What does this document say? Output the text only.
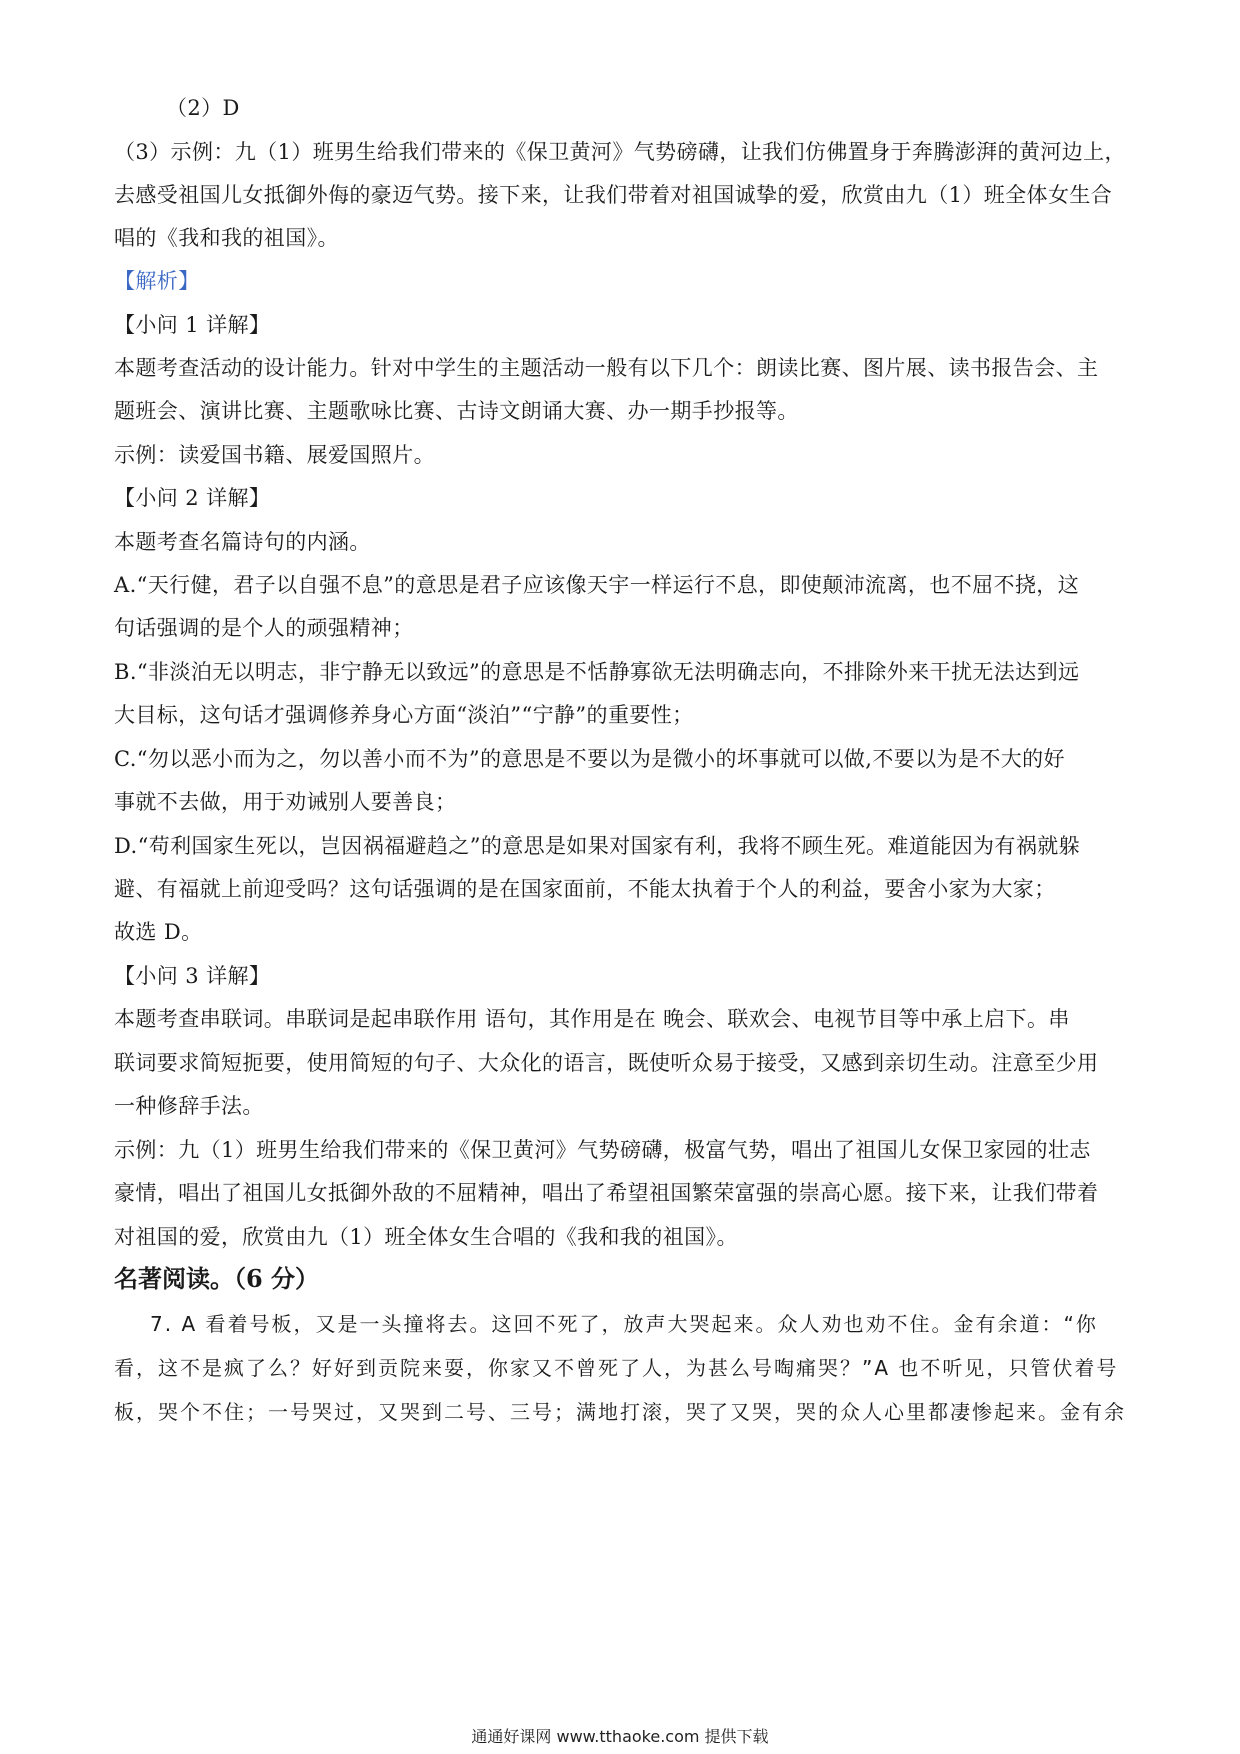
（2）D
（3）示例：九（1）班男生给我们带来的《保卫黄河》气势磅礴，让我们仿佛置身于奔腾澎湃的黄河边上，
去感受祖国儿女抵御外侮的豪迈气势。接下来，让我们带着对祖国诚挚的爱，欣赏由九（1）班全体女生合
唱的《我和我的祖国》。
【解析】
【小问 1 详解】
本题考查活动的设计能力。针对中学生的主题活动一般有以下几个：朗读比赛、图片展、读书报告会、主
题班会、演讲比赛、主题歌咏比赛、古诗文朗诵大赛、办一期手抄报等。
示例：读爱国书籍、展爱国照片。
【小问 2 详解】
本题考查名篇诗句的内涵。
A.“天行健，君子以自强不息”的意思是君子应该像天宇一样运行不息，即使颠沛流离，也不屈不挠，这
句话强调的是个人的顽强精神；
B.“非淡泊无以明志，非宁静无以致远”的意思是不恬静寡欲无法明确志向，不排除外来干扰无法达到远
大目标，这句话才强调修养身心方面“淡泊”“宁静”的重要性；
C.“勿以恶小而为之，勿以善小而不为”的意思是不要以为是微小的坏事就可以做,不要以为是不大的好
事就不去做，用于劝诫别人要善良；
D.“苟利国家生死以，岂因祸福避趋之”的意思是如果对国家有利，我将不顾生死。难道能因为有祸就躲
避、有福就上前迎受吗？这句话强调的是在国家面前，不能太执着于个人的利益，要舍小家为大家；
故选 D。
【小问 3 详解】
本题考查串联词。串联词是起串联作用 语句，其作用是在 晚会、联欢会、电视节目等中承上启下。串
联词要求简短扼要，使用简短的句子、大众化的语言，既使听众易于接受，又感到亲切生动。注意至少用
一种修辞手法。
示例：九（1）班男生给我们带来的《保卫黄河》气势磅礴，极富气势，唱出了祖国儿女保卫家园的壮志
豪情，唱出了祖国儿女抵御外敌的不屈精神，唱出了希望祖国繁荣富强的崇高心愿。接下来，让我们带着
对祖国的爱，欣赏由九（1）班全体女生合唱的《我和我的祖国》。
名著阅读。（6 分）
7. A 看着号板，又是一头撞将去。这回不死了，放声大哭起来。众人劝也劝不住。金有余道：“你
看，这不是疯了么？好好到贡院来耍，你家又不曾死了人，为甚么号啕痛哭？”A 也不听见，只管伏着号
板，哭个不住；一号哭过，又哭到二号、三号；满地打滚，哭了又哭，哭的众人心里都凄惨起来。金有余
通通好课网 www.tthaoke.com 提供下载
